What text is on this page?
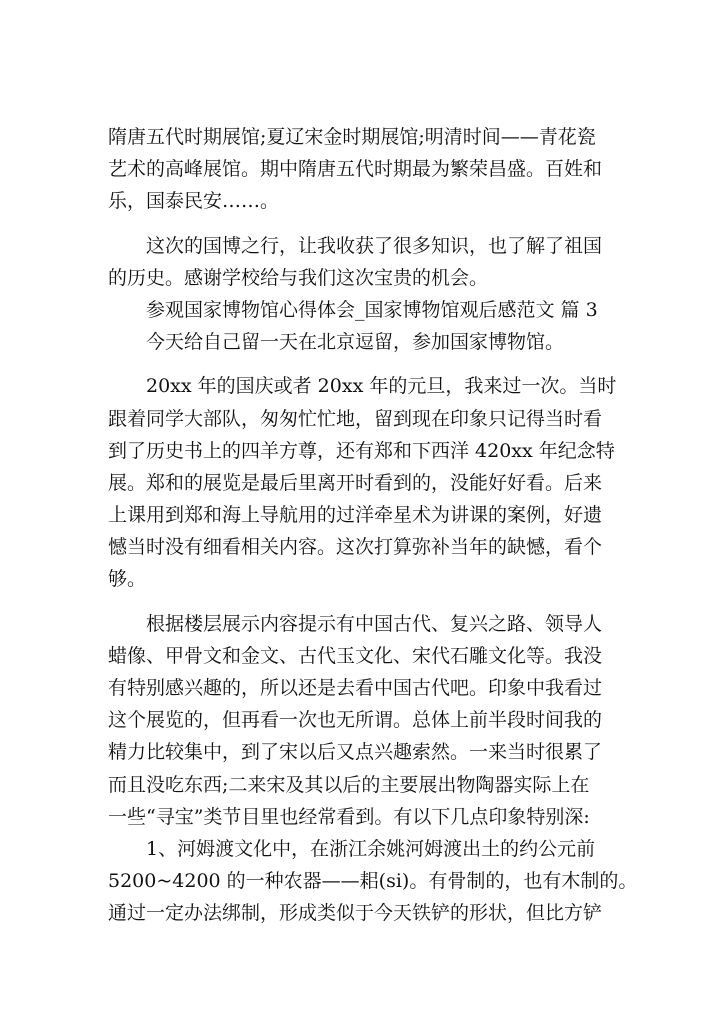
隋唐五代时期展馆;夏辽宋金时期展馆;明清时间——青花瓷
艺术的高峰展馆。期中隋唐五代时期最为繁荣昌盛。百姓和
乐，国泰民安……。
这次的国博之行，让我收获了很多知识，也了解了祖国
的历史。感谢学校给与我们这次宝贵的机会。
参观国家博物馆心得体会_国家博物馆观后感范文 篇 3
今天给自己留一天在北京逗留，参加国家博物馆。
20xx 年的国庆或者 20xx 年的元旦，我来过一次。当时
跟着同学大部队，匆匆忙忙地，留到现在印象只记得当时看
到了历史书上的四羊方尊，还有郑和下西洋 420xx 年纪念特
展。郑和的展览是最后里离开时看到的，没能好好看。后来
上课用到郑和海上导航用的过洋牵星术为讲课的案例，好遗
憾当时没有细看相关内容。这次打算弥补当年的缺憾，看个
够。
根据楼层展示内容提示有中国古代、复兴之路、领导人
蜡像、甲骨文和金文、古代玉文化、宋代石雕文化等。我没
有特别感兴趣的，所以还是去看中国古代吧。印象中我看过
这个展览的，但再看一次也无所谓。总体上前半段时间我的
精力比较集中，到了宋以后又点兴趣索然。一来当时很累了
而且没吃东西;二来宋及其以后的主要展出物陶器实际上在
一些“寻宝”类节目里也经常看到。有以下几点印象特别深:
1、河姆渡文化中，在浙江余姚河姆渡出土的约公元前
5200~4200 的一种农器——耜(si)。有骨制的，也有木制的。
通过一定办法绑制，形成类似于今天铁铲的形状，但比方铲
